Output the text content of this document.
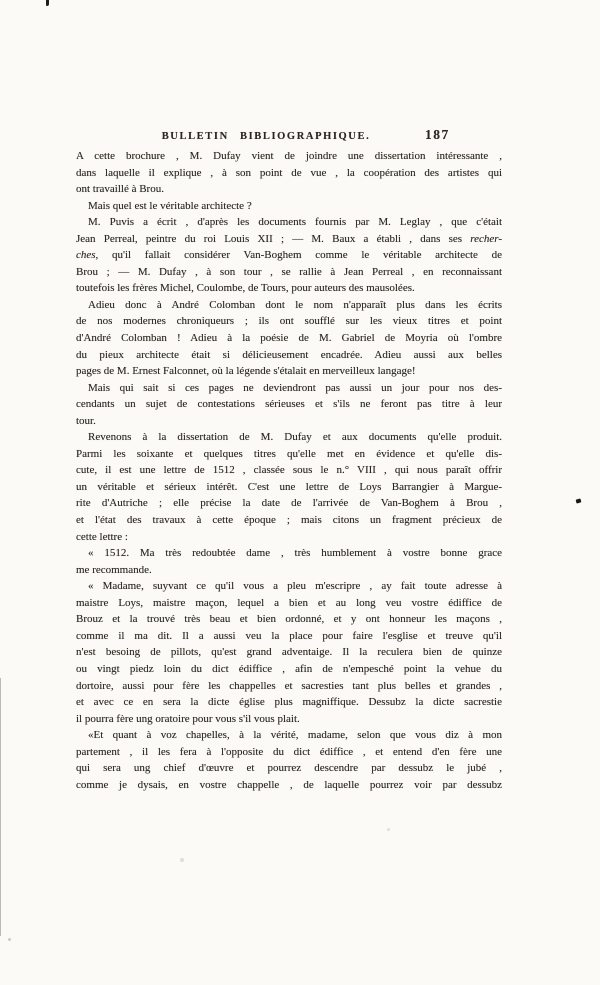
BULLETIN BIBLIOGRAPHIQUE.	187
A cette brochure , M. Dufay vient de joindre une dissertation intéressante ,
dans laquelle il explique , à son point de vue , la coopération des artistes qui
ont travaillé à Brou.
Mais quel est le véritable architecte ?
M. Puvis a écrit , d'après les documents fournis par M. Leglay , que c'était
Jean Perreal, peintre du roi Louis XII ; — M. Baux a établi , dans ses recher-
ches, qu'il fallait considérer Van-Boghem comme le véritable architecte de
Brou ; — M. Dufay , à son tour , se rallie à Jean Perreal , en reconnaissant
toutefois les frères Michel, Coulombe, de Tours, pour auteurs des mausolées.
Adieu donc à André Colomban dont le nom n'apparaît plus dans les écrits
de nos modernes chroniqueurs ; ils ont soufflé sur les vieux titres et point
d'André Colomban ! Adieu à la poésie de M. Gabriel de Moyria où l'ombre
du pieux architecte était si délicieusement encadrée. Adieu aussi aux belles
pages de M. Ernest Falconnet, où la légende s'étalait en merveilleux langage!
Mais qui sait si ces pages ne deviendront pas aussi un jour pour nos des-
cendants un sujet de contestations sérieuses et s'ils ne feront pas titre à leur
tour.
Revenons à la dissertation de M. Dufay et aux documents qu'elle produit.
Parmi les soixante et quelques titres qu'elle met en évidence et qu'elle dis-
cute, il est une lettre de 1512 , classée sous le n.° VIII , qui nous paraît offrir
un véritable et sérieux intérêt. C'est une lettre de Loys Barrangier à Margue-
rite d'Autriche ; elle précise la date de l'arrivée de Van-Boghem à Brou ,
et l'état des travaux à cette époque ; mais citons un fragment précieux de
cette lettre :
« 1512. Ma très redoubtée dame , très humblement à vostre bonne grace
me recommande.
« Madame, suyvant ce qu'il vous a pleu m'escripre , ay fait toute adresse à
maistre Loys, maistre maçon, lequel a bien et au long veu vostre édiffice de
Brouz et la trouvé très beau et bien ordonné, et y ont honneur les maçons ,
comme il ma dit. Il a aussi veu la place pour faire l'esglise et treuve qu'il
n'est besoing de pillots, qu'est grand adventaige. Il la reculera bien de quinze
ou vingt piedz loin du dict édiffice , afin de n'empesché point la vehue du
dortoire, aussi pour fère les chappelles et sacresties tant plus belles et grandes ,
et avec ce en sera la dicte église plus magniffique. Dessubz la dicte sacrestie
il pourra fère ung oratoire pour vous s'il vous plait.
«Et quant à voz chapelles, à la vérité, madame, selon que vous diz à mon
partement , il les fera à l'opposite du dict édiffice , et entend d'en fère une
qui sera ung chief d'œuvre et pourrez descendre par dessubz le jubé ,
comme je dysais, en vostre chappelle , de laquelle pourrez voir par dessubz
